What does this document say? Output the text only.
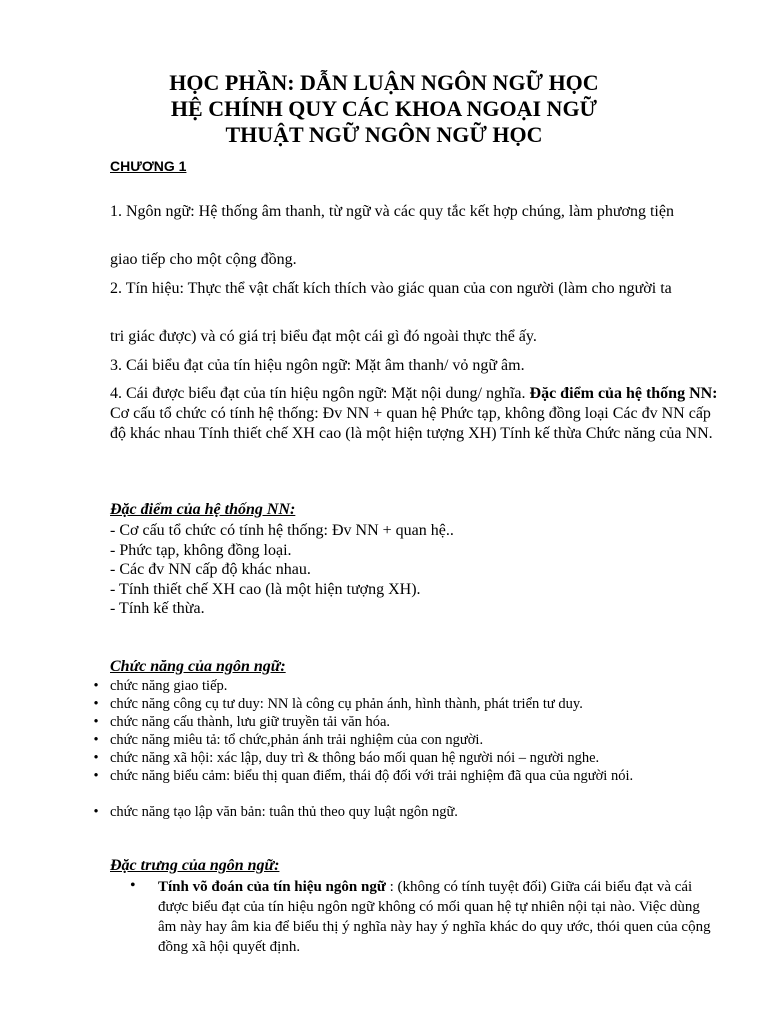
HỌC PHẦN: DẪN LUẬN NGÔN NGỮ HỌC
HỆ CHÍNH QUY CÁC KHOA NGOẠI NGỮ
THUẬT NGỮ NGÔN NGỮ HỌC
CHƯƠNG 1
1. Ngôn ngữ: Hệ thống âm thanh, từ ngữ và các quy tắc kết hợp chúng, làm phương tiện
giao tiếp cho một cộng đồng.
2. Tín hiệu: Thực thể vật chất kích thích vào giác quan của con người (làm cho người ta
tri giác được) và có giá trị biểu đạt một cái gì đó ngoài thực thể ấy.
3. Cái biểu đạt của tín hiệu ngôn ngữ: Mặt âm thanh/ vỏ ngữ âm.
4. Cái được biểu đạt của tín hiệu ngôn ngữ: Mặt nội dung/ nghĩa. Đặc điểm của hệ thống NN: Cơ cấu tổ chức có tính hệ thống: Đv NN + quan hệ Phức tạp, không đồng loại Các đv NN cấp độ khác nhau Tính thiết chế XH cao (là một hiện tượng XH) Tính kế thừa Chức năng của NN.
Đặc điểm của hệ thống NN:
- Cơ cấu tổ chức có tính hệ thống: Đv NN + quan hệ..
- Phức tạp, không đồng loại.
- Các đv NN cấp độ khác nhau.
- Tính thiết chế XH cao (là một hiện tượng XH).
- Tính kế thừa.
Chức năng của ngôn ngữ:
• chức năng giao tiếp.
• chức năng công cụ tư duy: NN là công cụ phản ánh, hình thành, phát triển tư duy.
• chức năng cấu thành, lưu giữ truyền tải văn hóa.
• chức năng miêu tả: tổ chức,phản ánh trải nghiệm của con người.
• chức năng xã hội: xác lập, duy trì & thông báo mối quan hệ người nói – người nghe.
• chức năng biểu cảm: biểu thị quan điểm, thái độ đối với trải nghiệm đã qua của người nói.
• chức năng tạo lập văn bản: tuân thủ theo quy luật ngôn ngữ.
Đặc trưng của ngôn ngữ:
• Tính võ đoán của tín hiệu ngôn ngữ : (không có tính tuyệt đối) Giữa cái biểu đạt và cái được biểu đạt của tín hiệu ngôn ngữ không có mối quan hệ tự nhiên nội tại nào. Việc dùng âm này hay âm kia để biểu thị ý nghĩa này hay ý nghĩa khác do quy ước, thói quen của cộng đồng xã hội quyết định.
